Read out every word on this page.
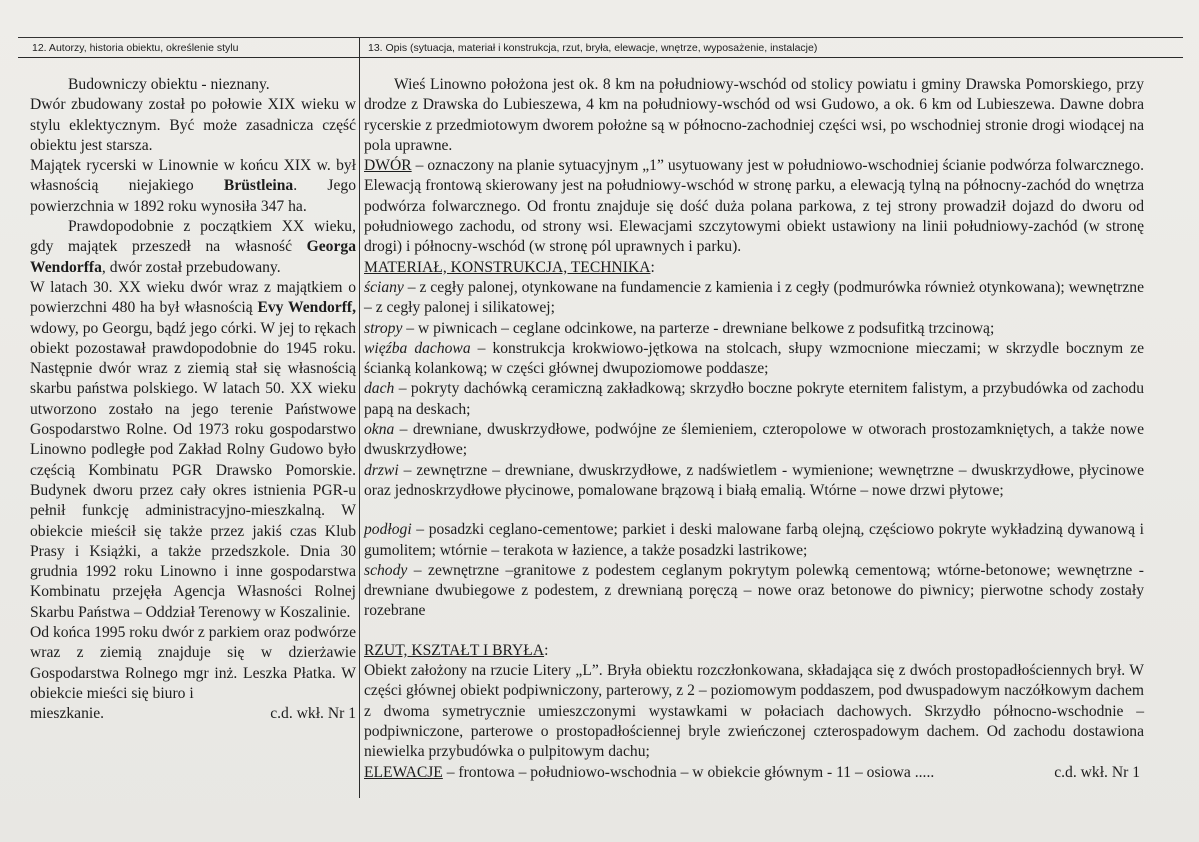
12. Autorzy, historia obiektu, określenie stylu	13. Opis (sytuacja, materiał i konstrukcja, rzut, bryła, elewacje, wnętrze, wyposażenie, instalacje)

Budowniczy obiektu - nieznany.

Dwór zbudowany został po połowie XIX wieku w stylu eklektycznym. Być może zasadnicza część obiektu jest starsza.

Majątek rycerski w Linownie w końcu XIX w. był własnością niejakiego Brüstleina. Jego powierzchnia w 1892 roku wynosiła 347 ha.

Prawdopodobnie z początkiem XX wieku, gdy majątek przeszedł na własność Georga Wendorffa, dwór został przebudowany.

W latach 30. XX wieku dwór wraz z majątkiem o powierzchni 480 ha był własnością Evy Wendorff, wdowy, po Georgu, bądź jego córki. W jej to rękach obiekt pozostawał prawdopodobnie do 1945 roku. Następnie dwór wraz z ziemią stał się własnością skarbu państwa polskiego. W latach 50. XX wieku utworzono zostało na jego terenie Państwowe Gospodarstwo Rolne. Od 1973 roku gospodarstwo Linowno podległe pod Zakład Rolny Gudowo było częścią Kombinatu PGR Drawsko Pomorskie. Budynek dworu przez cały okres istnienia PGR-u pełnił funkcję administracyjno-mieszkalną. W obiekcie mieścił się także przez jakiś czas Klub Prasy i Książki, a także przedszkole. Dnia 30 grudnia 1992 roku Linowno i inne gospodarstwa Kombinatu przejęła Agencja Własności Rolnej Skarbu Państwa – Oddział Terenowy w Koszalinie.

Od końca 1995 roku dwór z parkiem oraz podwórze wraz z ziemią znajduje się w dzierżawie Gospodarstwa Rolnego mgr inż. Leszka Płatka. W obiekcie mieści się biuro i

mieszkanie.	c.d. wkł. Nr 1

Wieś Linowno położona jest ok. 8 km na południowy-wschód od stolicy powiatu i gminy Drawska Pomorskiego, przy drodze z Drawska do Lubieszewa, 4 km na południowy-wschód od wsi Gudowo, a ok. 6 km od Lubieszewa. Dawne dobra rycerskie z przedmiotowym dworem położne są w północno-zachodniej części wsi, po wschodniej stronie drogi wiodącej na pola uprawne.

DWÓR – oznaczony na planie sytuacyjnym „1” usytuowany jest w południowo-wschodniej ścianie podwórza folwarcznego. Elewacją frontową skierowany jest na południowy-wschód w stronę parku, a elewacją tylną na północny-zachód do wnętrza podwórza folwarcznego. Od frontu znajduje się dość duża polana parkowa, z tej strony prowadził dojazd do dworu od południowego zachodu, od strony wsi. Elewacjami szczytowymi obiekt ustawiony na linii południowy-zachód (w stronę drogi) i północny-wschód (w stronę pól uprawnych i parku).

MATERIAŁ, KONSTRUKCJA, TECHNIKA:

ściany – z cegły palonej, otynkowane na fundamencie z kamienia i z cegły (podmurówka również otynkowana); wewnętrzne – z cegły palonej i silikatowej;

stropy – w piwnicach – ceglane odcinkowe, na parterze - drewniane belkowe z podsufitką trzcinową;

więźba dachowa – konstrukcja krokwiowo-jętkowa na stolcach, słupy wzmocnione mieczami; w skrzydle bocznym ze ścianką kolankową; w części głównej dwupoziomowe poddasze;

dach – pokryty dachówką ceramiczną zakładkową; skrzydło boczne pokryte eternitem falistym, a przybudówka od zachodu papą na deskach;

okna – drewniane, dwuskrzydłowe, podwójne ze ślemieniem, czteropolowe w otworach prostozamkniętych, a także nowe dwuskrzydłowe;

drzwi – zewnętrzne – drewniane, dwuskrzydłowe, z nadświetlem - wymienione; wewnętrzne – dwuskrzydłowe, płycinowe oraz jednoskrzydłowe płycinowe, pomalowane brązową i białą emalią. Wtórne – nowe drzwi płytowe;

podłogi – posadzki ceglano-cementowe; parkiet i deski malowane farbą olejną, częściowo pokryte wykładziną dywanową i gumolitem; wtórnie – terakota w łazience, a także posadzki lastrikowe;

schody – zewnętrzne –granitowe z podestem ceglanym pokrytym polewką cementową; wtórne-betonowe; wewnętrzne - drewniane dwubiegowe z podestem, z drewnianą poręczą – nowe oraz betonowe do piwnicy; pierwotne schody zostały rozebrane

RZUT, KSZTAŁT I BRYŁA:

Obiekt założony na rzucie Litery „L”. Bryła obiektu rozczłonkowana, składająca się z dwóch prostopadłościennych brył. W części głównej obiekt podpiwniczony, parterowy, z 2 – poziomowym poddaszem, pod dwuspadowym naczółkowym dachem z dwoma symetrycznie umieszczonymi wystawkami w połaciach dachowych. Skrzydło północno-wschodnie – podpiwniczone, parterowe o prostopadłościennej bryle zwieńczonej czterospadowym dachem. Od zachodu dostawiona niewielka przybudówka o pulpitowym dachu;

ELEWACJE – frontowa – południowo-wschodnia – w obiekcie głównym - 11 – osiowa .....	c.d. wkł. Nr 1
